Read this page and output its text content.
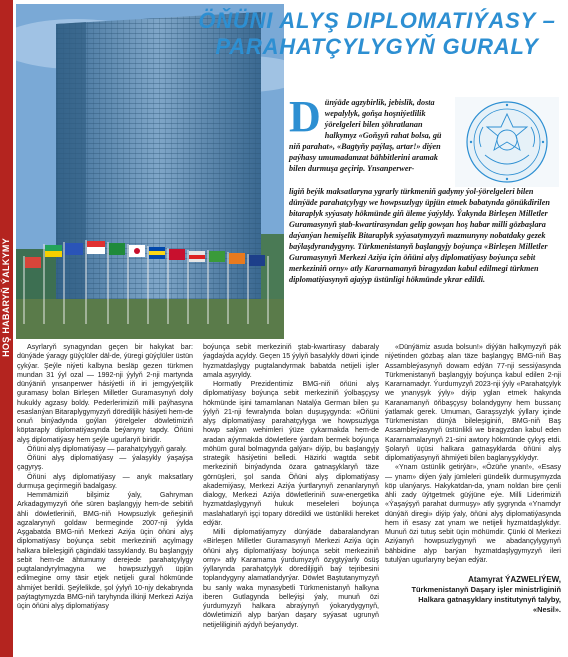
HOŞ HABARYŇ ÝALKYMY
ÖŇÜNI ALYŞ DIPLOMATIÝASY –
PARAHATÇYLYGYŇ GURALY
D ünýäde agzybirlik, jebislik, dosta wepalylyk, goňşa hoşniýetlilik ýörelgeleri bilen şöhratlanan halkymyz «Goňşyň rahat bolsa, gü​niň parahat», «Bagtyňy paýlaş, artar!» diýen paýhasy umumadamzat bähbitlerini aramak bilen durmuşa geçirip. Ynsanperwer-
ligiň beýik maksatlaryna ygrarly türkmeniň gadymy ýol-ýörelgeleri bilen dünýäde parahatçylygy we howpsuzlygy üpjün etmek babatynda gönükdirilen bitaraplyk syýasaty hökmünde giň äleme ýaýyldy. Ýakynda Birleşen Milletler Guramasynyň ştab-kwartirasyndan gelip gowşan hoş habar milli gözbaşlara daýanýan hemişelik Bitaraplyk syýasatymyzyň mazmunyny nobatdaky gezek baýlaşdyrandygyny. Türkmenistanyň başlangyjy boýunça «Birleşen Milletler Guramasynyň Merkezi Aziýa için öňüni alyş diplomatiýasy boýunça sebit merkeziniň orny» atly Kararnamanyň biragyzdan kabul edilmegi türkmen diplomatiýasynyň ajaýyp üstünligi hökmünde ykrar edildi.

Asyrlaryň synagyndan geçen bir hakykat bar: dünýäde ýaragy güýçlüler däl-de, ýüregi güýçlüler üstün çykýar. Şeýle niýeti kalbyna besläp gezen türkmen mundan 31 ýyl ozal — 1992-nji ýylyň 2-nji martynda dünýäniň ynsanperwer hásiýetli iň iri jemgyýetçilik guramasy bolan Birleşen Milletler Guramasynyň doly hukukly agzasy boldy. Pederlerimiziň milli paýhasyna esaslanýan Bitaraplygymyzyň dörediljik hásiýeti hem-de onuň binýadynda goýlan ýörelgeler döwletimiziň köptaraply diplomatiýasynda beýanyny tapdy. Öňüni alyş diplomatiýasy hem şeýle ugurlaryň biridir.

Öňüni alyş diplomatiýasy — parahatçylygyň garaly.

Öňüni alyş diplomatiýasy — ýalaşykly ýaşaýşa çagyryş.

Öňüni alyş diplomatiýasy — anyk maksatlary durmuşa geçirmegiň badalgasy.

Hemmämiziň bilşimiz ýaly, Gahryman Arkadagymyzyň öňe süren başlangyjy hem-de sebitiň ähli döwletleriniň, BMG-niň Howpsuzlyk geňeşiniň agzalarynyň goldaw bermeginde 2007-nji ýylda Aşgabatda BMG-niň Merkezi Aziýa üçin öňüni alyş diplomatiýasy boýunça sebit merkeziniň açylmagy halkara bileleşigiň çägindäki tassyklandy. Bu başlangyjy sebit hem-de ähtumumy derejede parahatçylygy pugtalandyrylmagyna we howpsuzlygyň üpjün edilmegine orny täsir etjek netijeli gural hökmünde ähmiýet berildi. Şeýlelikde, şol ýylyň 10-njy dekabrynda paýtagtymyzda BMG-niň taryhynda ilkinji Merkezi Aziýa üçin öňüni alyş diplomatiýasy

boýunça sebit merkeziniň ştab-kwartirasy dabaraly ýagdaýda açyldy. Geçen 15 ýylyň basalykly döwri içinde hyzmatdaşlygy pugtalandyrmak babatda netijeli işler amala aşyryldy.

Hormatly Prezidentimiz BMG-niň öňüni alyş diplomatiýasy boýunça sebit merkeziniň ýolbaşçysy hökmünde işini tamamlanan Natalýa German bilen şu ýylyň 21-nji fewralynda bolan duşuşygynda: «Öňüni alyş diplomatiýasy parahatçylyga we howpsuzlyga howp salýan wehimleri ýüze çykarmakda hem-de aradan aýyrmakda döwletlere ýardam bermek boýunça möhüm gural bolmagynda galýar» diýip, bu başlangyjy strategik häsiýetini belledi. Häzirki wagtda sebit merkeziniň binýadynda özara gatnaşyklaryň täze görnüşleri, şol sanda Öňüni alyş diplomatiýasy akademiýasy, Merkezi Aziýa ýurtlarynyň zenanlarynyň dialogy, Merkezi Aziýa döwletleriniň suw-energetika hyzmatdaşlygynyň hukuk meseleleri boýunça maslahatlaryň işçi topary döredildi we üstünlikli hereket edýär.

Milli diplomatiýamyzy dünýäde dabaralandyran «Birleşen Milletler Guramasynyň Merkezi Aziýa üçin öňüni alyş diplomatiýasy boýunça sebit merkeziniň orny» atly Kararnama ýurdumyzyň özygtyýarly ösüş ýyllarynda parahatçylyk dörediljigiň baý tejribesini toplandygyny alamatlandyrýar. Döwlet Baştutanymyzyň bu sanly waka mynasybetli Türkmenistanyň halkyna iberen Gutlagynda belleýişi ýaly, munuň özi ýurdumyzyň halkara abraýynyň ýokarydygynyň, döwletimiziň alyp barýan daşary syýasat ugrunyň netijeliliginiň aýdyň beýanydyr.

«Dünýämiz asuda bolsun!» diýýän halkymyzyň pák niýetinden gözbaş alan täze başlangyç BMG-niň Baş Assambleýasynyň dowam edýän 77-nji sessiýasynda Türkmenistanyň başlangyjy boýunça kabul edilen 2-nji Kararnamadyr. Ýurdumyzyň 2023-nji ýyly «Parahatçylyk we ynanyşyk ýyly» diýip yglan etmek hakynda Karanamanyň öňbaşçysy bolandygyny hem bussanç ýatlamak gerek. Umuman, Garaşsyzlyk ýyllary içinde Türkmenistan dünýä bileleşiginiň, BMG-niň Baş Assambleýasynyň üstünlikli we biragyzdan kabul eden Kararnamalarynyň 21-sini awtory hökmünde çykyş etdi. Şolaryň üçüsi halkara gatnaşyklarda öňüni alyş diplomatiýasynyň ähmiýeti bilen baglanyşyklydyr.

«Ynam üstünlik getirýär», «Özüňe ynan!», «Esasy — ynam» diýen ýaly jümleleri gündelik durmuşymyzda köp ulanýarys. Hakykatdan-da, ynam noldan bire çenli ähli zady üýtgetmek güýjüne eýe. Milli Liderimiziň «Ýaşaýşyň parahat durmuşy» atly şygrynda «Ynamdyr dünýäň diregi» diýip ýaly, öňüni alyş diplomatiýasynda hem iň esasy zat ynam we netijeli hyzmatdaşlykdyr. Munuň özi tutuş sebit üçin möhümdir. Çünki öl Merkezi Aziýanyň howpsuzlygynyň we abadançylygynyň bähbidine alyp barýan hyzmatdaşlygymyzyň ileri tutulýan ugurlaryny beýan edýär.

Atamyrat ÝAZWELIÝEW,
Türkmenistanyň Daşary işler ministrliginiň
Halkara gatnaşyklary institutynyň talyby,
«Nesil».
